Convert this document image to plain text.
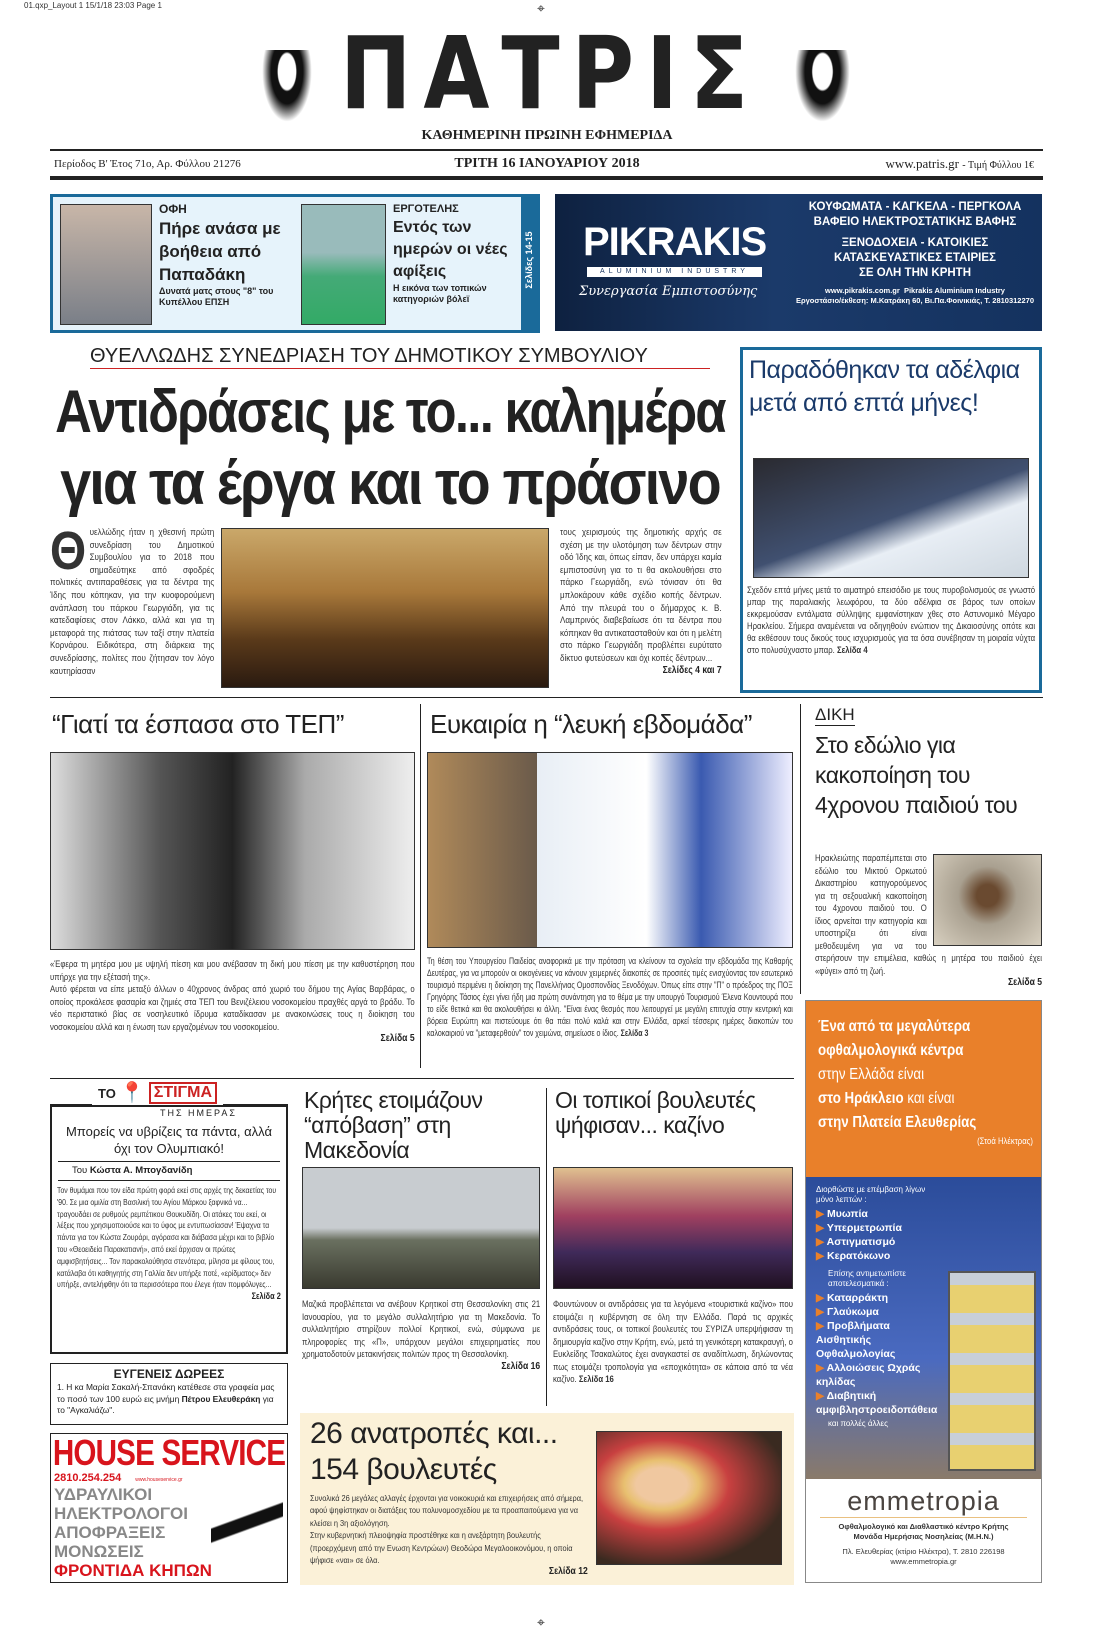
01.qxp_Layout 1 15/1/18 23:03 Page 1	⌖
⌖
ΠΑΤΡΙΣ
ΚΑΘΗΜΕΡΙΝΗ ΠΡΩΙΝΗ ΕΦΗΜΕΡΙΔΑ
Περίοδος Β' Έτος 71ο, Αρ. Φύλλου 21276	ΤΡΙΤΗ 16 ΙΑΝΟΥΑΡΙΟΥ 2018	www.patris.gr - Τιμή Φύλλου 1€
ΟΦΗ
Πήρε ανάσα με βοήθεια από Παπαδάκη
Δυνατά ματς στους "8" του Κυπέλλου ΕΠΣΗ
ΕΡΓΟΤΕΛΗΣ
Εντός των ημερών οι νέες αφίξεις
Η εικόνα των τοπικών κατηγοριών βόλεϊ
Σελίδες 14-15 PIKRAKIS
ALUMINIUM INDUSTRY
Συνεργασία Εμπιστοσύνης
ΚΟΥΦΩΜΑΤΑ - ΚΑΓΚΕΛΑ - ΠΕΡΓΚΟΛΑ
ΒΑΦΕΙΟ ΗΛΕΚΤΡΟΣΤΑΤΙΚΗΣ ΒΑΦΗΣ
ΞΕΝΟΔΟΧΕΙΑ - ΚΑΤΟΙΚΙΕΣ
ΚΑΤΑΣΚΕΥΑΣΤΙΚΕΣ ΕΤΑΙΡΙΕΣ
ΣΕ ΟΛΗ ΤΗΝ ΚΡΗΤΗ
www.pikrakis.com.gr Pikrakis Aluminium Industry
Εργοστάσιο/έκθεση: Μ.Κατράκη 60, Βι.Πα.Φοινικιάς, Τ. 2810312270
ΘΥΕΛΛΩΔΗΣ ΣΥΝΕΔΡΙΑΣΗ ΤΟΥ ΔΗΜΟΤΙΚΟΥ ΣΥΜΒΟΥΛΙΟΥ
Αντιδράσεις με το... καλημέρα
για τα έργα και το πράσινο
Θυελλώδης ήταν η χθεσινή πρώτη συνεδρίαση του Δημοτικού Συμβουλίου για το 2018 που σημαδεύτηκε από σφοδρές πολιτικές αντιπαραθέσεις για τα δέντρα της Ίδης που κόπηκαν, για την κυοφορούμενη ανάπλαση του πάρκου Γεωργιάδη, για τις κατεδαφίσεις στον Λάκκο, αλλά και για τη μεταφορά της πιάτσας των ταξί στην πλατεία Κορνάρου. Ειδικότερα, στη διάρκεια της συνεδρίασης, πολίτες που ζήτησαν τον λόγο καυτηρίασαν
τους χειρισμούς της δημοτικής αρχής σε σχέση με την υλοτόμηση των δέντρων στην οδό Ίδης και, όπως είπαν, δεν υπάρχει καμία εμπιστοσύνη για το τι θα ακολουθήσει στο πάρκο Γεωργιάδη, ενώ τόνισαν ότι θα μπλοκάρουν κάθε σχέδιο κοπής δέντρων. Από την πλευρά του ο δήμαρχος κ. Β. Λαμπρινός διαβεβαίωσε ότι τα δέντρα που κόπηκαν θα αντικατασταθούν και ότι η μελέτη στο πάρκο Γεωργιάδη προβλέπει ευρύτατο δίκτυο φυτεύσεων και όχι κοπές δέντρων...
Σελίδες 4 και 7
Παραδόθηκαν τα αδέλφια μετά από επτά μήνες!
Σχεδόν επτά μήνες μετά το αιματηρό επεισόδιο με τους πυροβολισμούς σε γνωστό μπαρ της παραλιακής λεωφόρου, τα δύο αδέλφια σε βάρος των οποίων εκκρεμούσαν εντάλματα σύλληψης εμφανίστηκαν χθες στο Αστυνομικό Μέγαρο Ηρακλείου. Σήμερα αναμένεται να οδηγηθούν ενώπιον της Δικαιοσύνης οπότε και θα εκθέσουν τους δικούς τους ισχυρισμούς για τα όσα συνέβησαν τη μοιραία νύχτα στο πολυσύχναστο μπαρ. Σελίδα 4
“Γιατί τα έσπασα στο ΤΕΠ”
«Έφερα τη μητέρα μου με υψηλή πίεση και μου ανέβασαν τη δική μου πίεση με την καθυστέρηση που υπήρχε για την εξέτασή της».
Αυτό φέρεται να είπε μεταξύ άλλων ο 40χρονος άνδρας από χωριό του δήμου της Αγίας Βαρβάρας, ο οποίος προκάλεσε φασαρία και ζημιές στα ΤΕΠ του Βενιζέλειου νοσοκομείου πραχθές αργά το βράδυ. Το νέο περιστατικό βίας σε νοσηλευτικό ίδρυμα καταδίκασαν με ανακοινώσεις τους η διοίκηση του νοσοκομείου αλλά και η ένωση των εργαζομένων του νοσοκομείου.
Σελίδα 5
Ευκαιρία η “λευκή εβδομάδα”
Τη θέση του Υπουργείου Παιδείας αναφορικά με την πρόταση να κλείνουν τα σχολεία την εβδομάδα της Καθαρής Δευτέρας, για να μπορούν οι οικογένειες να κάνουν χειμερινές διακοπές σε προσιτές τιμές ενισχύοντας τον εσωτερικό τουρισμό περιμένει η διοίκηση της Πανελλήνιας Ομοσπονδίας Ξενοδόχων. Όπως είπε στην "Π" ο πρόεδρος της ΠΟΞ Γρηγόρης Τάσιος έχει γίνει ήδη μια πρώτη συνάντηση για το θέμα με την υπουργό Τουρισμού Έλενα Κουντουρά που το είδε θετικά και θα ακολουθήσει κι άλλη. "Είναι ένας θεσμός που λειτουργεί με μεγάλη επιτυχία στην κεντρική και βόρεια Ευρώπη και πιστεύουμε ότι θα πάει πολύ καλά και στην Ελλάδα, αρκεί τέσσερις ημέρες διακοπών του καλοκαιριού να "μεταφερθούν" τον χειμώνα, σημείωσε ο ίδιος. Σελίδα 3
ΔΙΚΗ
Στο εδώλιο για κακοποίηση του 4χρονου παιδιού του
Ηρακλειώτης παραπέμπεται στο εδώλιο του Μικτού Ορκωτού Δικαστηρίου κατηγορούμενος για τη σεξουαλική κακοποίηση του 4χρονου παιδιού του. Ο ίδιος αρνείται την κατηγορία και υποστηρίζει ότι είναι μεθοδευμένη για να του στερήσουν την επιμέλεια, καθώς η μητέρα του παιδιού έχει «φύγει» από τη ζωή.
Σελίδα 5
ΤΟ 📍 ΣΤΙΓΜΑ
ΤΗΣ ΗΜΕΡΑΣ
Μπορείς να υβρίζεις τα πάντα, αλλά όχι τον Ολυμπιακό!
Του Κώστα Α. Μπογδανίδη
Τον θυμάμαι που τον είδα πρώτη φορά εκεί στις αρχές της δεκαετίας του '90. Σε μια ομιλία στη Βασιλική του Αγίου Μάρκου ξαφνικά να... τραγουδάει σε ρυθμούς ρεμπέτικου Θουκυδίδη. Οι ατάκες του εκεί, οι λέξεις που χρησιμοποιούσε και το ύφος με εντυπωσίασαν! Έψαχνα τα πάντα για τον Κώστα Ζουράρι, αγόρασα και διάβασα μέχρι και το βιβλίο του «Θεοειδεία Παρακατιανή», από εκεί άρχισαν οι πρώτες αμφισβητήσεις... Τον παρακολούθησα στενότερα, μίλησα με φίλους του, κατάλαβα ότι καθηγητής στη Γαλλία δεν υπήρξε ποτέ, «ερίδματος» δεν υπήρξε, αντελήφθην ότι τα περισσότερα που έλεγε ήταν πομφόλυγες...
Σελίδα 2
ΕΥΓΕΝΕΙΣ ΔΩΡΕΕΣ
1. Η κα Μαρία Σακαλή-Σπανάκη κατέθεσε στα γραφεία μας το ποσό των 100 ευρώ εις μνήμη Πέτρου Ελευθεράκη για το "Αγκαλιάζω".
HOUSE SERVICE
2810.254.254	www.houseservice.gr
ΥΔΡΑΥΛΙΚΟΙ
ΗΛΕΚΤΡΟΛΟΓΟΙ
ΑΠΟΦΡΑΞΕΙΣ
ΜΟΝΩΣΕΙΣ
ΦΡΟΝΤΙΔΑ ΚΗΠΩΝ
Κρήτες ετοιμάζουν “απόβαση” στη Μακεδονία
Μαζικά προβλέπεται να ανέβουν Κρητικοί στη Θεσσαλονίκη στις 21 Ιανουαρίου, για το μεγάλο συλλαλητήριο για τη Μακεδονία. Το συλλαλητήριο στηρίζουν πολλοί Κρητικοί, ενώ, σύμφωνα με πληροφορίες της «Π», υπάρχουν μεγάλοι επιχειρηματίες που χρηματοδοτούν μετακινήσεις πολιτών προς τη Θεσσαλονίκη.
Σελίδα 16
Οι τοπικοί βουλευτές ψήφισαν... καζίνο
Φουντώνουν οι αντιδράσεις για τα λεγόμενα «τουριστικά καζίνο» που ετοιμάζει η κυβέρνηση σε όλη την Ελλάδα. Παρά τις αρχικές αντιδράσεις τους, οι τοπικοί βουλευτές του ΣΥΡΙΖΑ υπερψήφισαν τη δημιουργία καζίνο στην Κρήτη, ενώ, μετά τη γενικότερη κατακραυγή, ο Ευκλείδης Τσακαλώτος έχει αναγκαστεί σε αναδίπλωση, δηλώνοντας πως ετοιμάζει τροπολογία για «εποχικότητα» σε κάποια από τα νέα καζίνο. Σελίδα 16
26 ανατροπές και...
154 βουλευτές
Συνολικά 26 μεγάλες αλλαγές έρχονται για νοικοκυριά και επιχειρήσεις από σήμερα, αφού ψηφίστηκαν οι διατάξεις του πολυνομοσχεδίου με τα προαπαιτούμενα για να κλείσει η 3η αξιολόγηση.
Στην κυβερνητική πλειοψηφία προστέθηκε και η ανεξάρτητη βουλευτής (προερχόμενη από την Ενωση Κεντρώων) Θεοδώρα Μεγαλοοικονόμου, η οποία ψήφισε «ναι» σε όλα.
Σελίδα 12
Ένα από τα μεγαλύτερα
οφθαλμολογικά κέντρα
στην Ελλάδα είναι
στο Ηράκλειο και είναι
στην Πλατεία Ελευθερίας
(Στοά Ηλέκτρας)
Διορθώστε με επέμβαση λίγων μόνο λεπτών :
▶ Μυωπία
▶ Υπερμετρωπία
▶ Αστιγματισμό
▶ Κερατόκωνο
Επίσης αντιμετωπίστε αποτελεσματικά :
▶ Καταρράκτη
▶ Γλαύκωμα
▶ Προβλήματα Αισθητικής Οφθαλμολογίας
▶ Αλλοιώσεις Ωχράς κηλίδας
▶ Διαβητική αμφιβληστροειδοπάθεια
και πολλές άλλες
emmetropia
Οφθαλμολογικό και Διαθλαστικό κέντρο Κρήτης
Μονάδα Ημερήσιας Νοσηλείας (Μ.Η.Ν.)
Πλ. Ελευθερίας (κτίριο Ηλέκτρα), Τ. 2810 226198
www.emmetropia.gr
